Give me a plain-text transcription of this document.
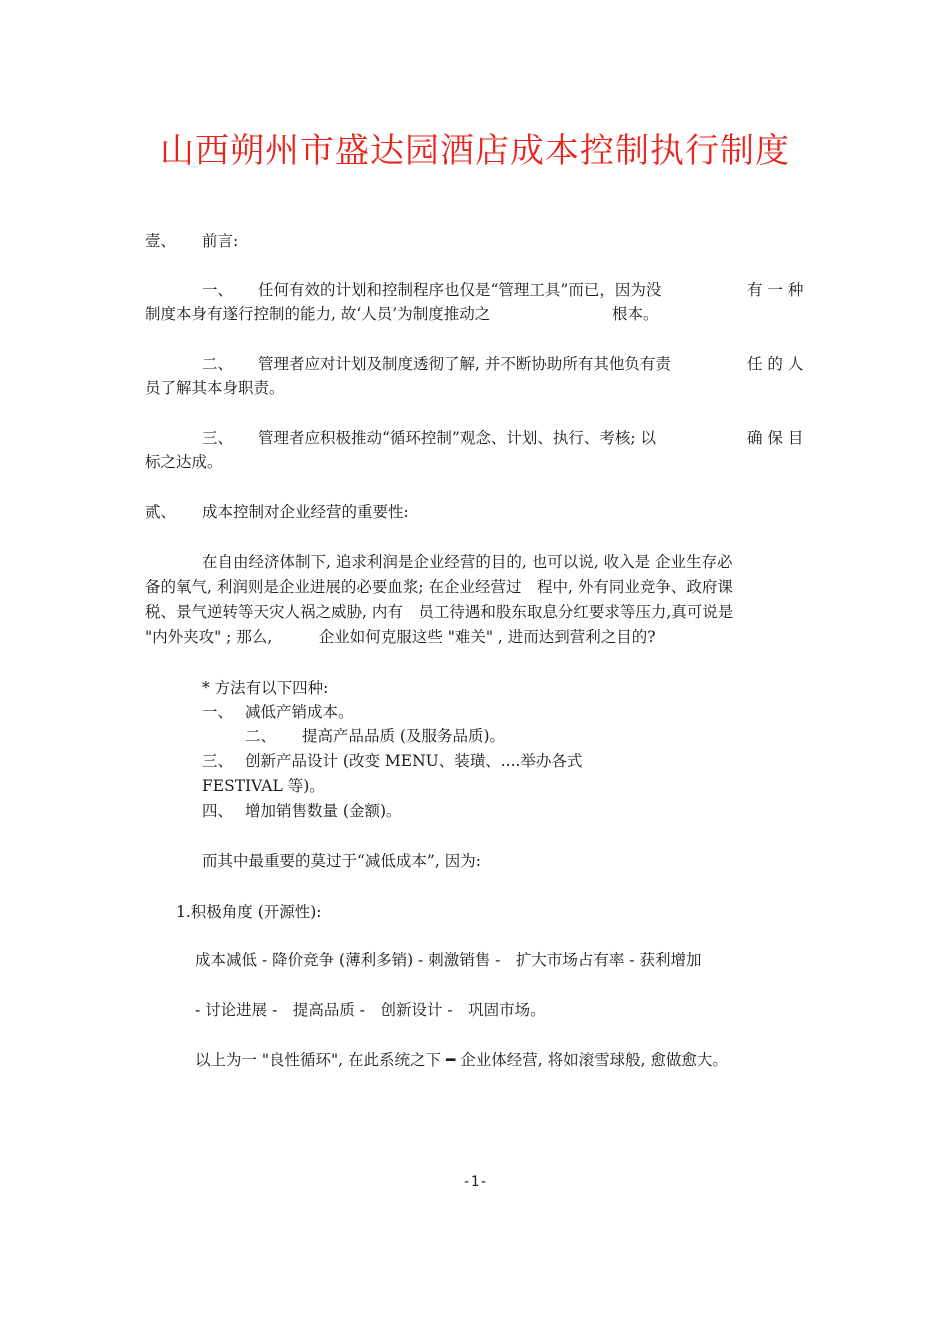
山西朔州市盛达园酒店成本控制执行制度
壹、 前言:
一、 任何有效的计划和控制程序也仅是“管理工具”而已，因为没	有 一 种
制度本身有遂行控制的能力, 故‘人员’为制度推动之	根本。
二、 管理者应对计划及制度透彻了解, 并不断协助所有其他负有责	任 的 人
员了解其本身职责。
三、 管理者应积极推动“循环控制”观念、计划、执行、考核; 以	确 保 目
标之达成。
贰、 成本控制对企业经营的重要性:
在自由经济体制下, 追求利润是企业经营的目的, 也可以说, 收入是 企业生存必
备的氧气, 利润则是企业进展的必要血浆; 在企业经营过　程中, 外有同业竞争、政府课
税、景气逆转等天灾人祸之威胁, 内有　员工待遇和股东取息分红要求等压力,真可说是
"内外夹攻" ; 那么,　　　企业如何克服这些 "难关" , 进而达到营利之目的?
* 方法有以下四种:
一、 减低产销成本。
二、 提高产品品质 (及服务品质)。
三、 创新产品设计 (改变 MENU、装璜、....举办各式
FESTIVAL 等)。
四、 增加销售数量 (金额)。
而其中最重要的莫过于“减低成本”, 因为:
1.积极角度 (开源性):
成本减低 - 降价竞争 (薄利多销) - 刺激销售 -　扩大市场占有率 - 获利增加
- 讨论进展 -　提高品质 -　创新设计 -　巩固市场。
以上为一 "良性循环", 在此系统之下 ━ 企业体经营, 将如滚雪球般, 愈做愈大。
-1-
